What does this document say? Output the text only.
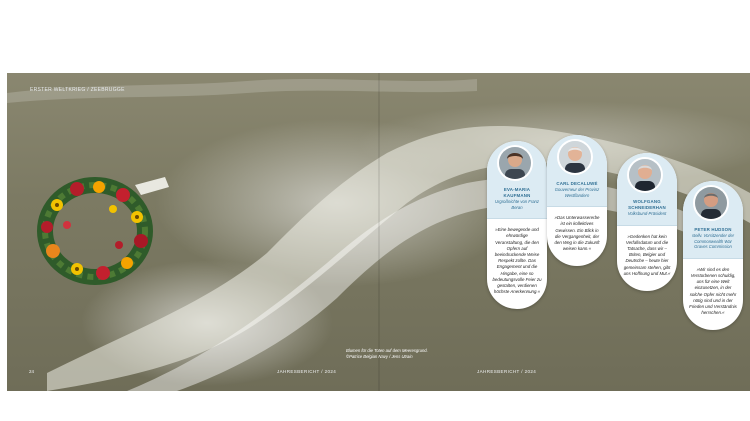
ERSTER WELTKRIEG / ZEEBRUGGE
Blumen für die Toten auf dem Meeresgrund.
©Patrice Belgian Navy / Jens Utrain
24	JAHRESBERICHT / 2024	JAHRESBERICHT / 2024
EVA-MARIA
KAUFMANN
Urgroßnichte von Franz Beran
»Eine bewegende und ehrwürdige Veranstaltung, die den Opfern auf beeindruckende Weise Respekt zollte. Das Engagement und die Hingabe, eine so bedeutungsvolle Feier zu gestalten, verdienen höchste Anerkennung.«
CARL DECALUWÉ
Gouverneur der Provinz Westflandern
»Das Unterwassererbe ist ein kollektives Gewissen. Ein Blick in die Vergangenheit, der den Weg in die Zukunft weisen kann.«
WOLFGANG
SCHNEIDERHAN
Volksbund-Präsident
»Gedenken hat kein Verfallsdatum und die Tatsache, dass wir – Briten, Belgier und Deutsche – heute hier gemeinsam stehen, gibt uns Hoffnung und Mut.«
PETER HUDSON
stellv. Vorsitzender der Commonwealth War Graves Commission
»Wir sind es den Verstorbenen schuldig, uns für eine Welt einzusetzen, in der solche Opfer nicht mehr nötig sind und in der Frieden und Verständnis herrschen.«
